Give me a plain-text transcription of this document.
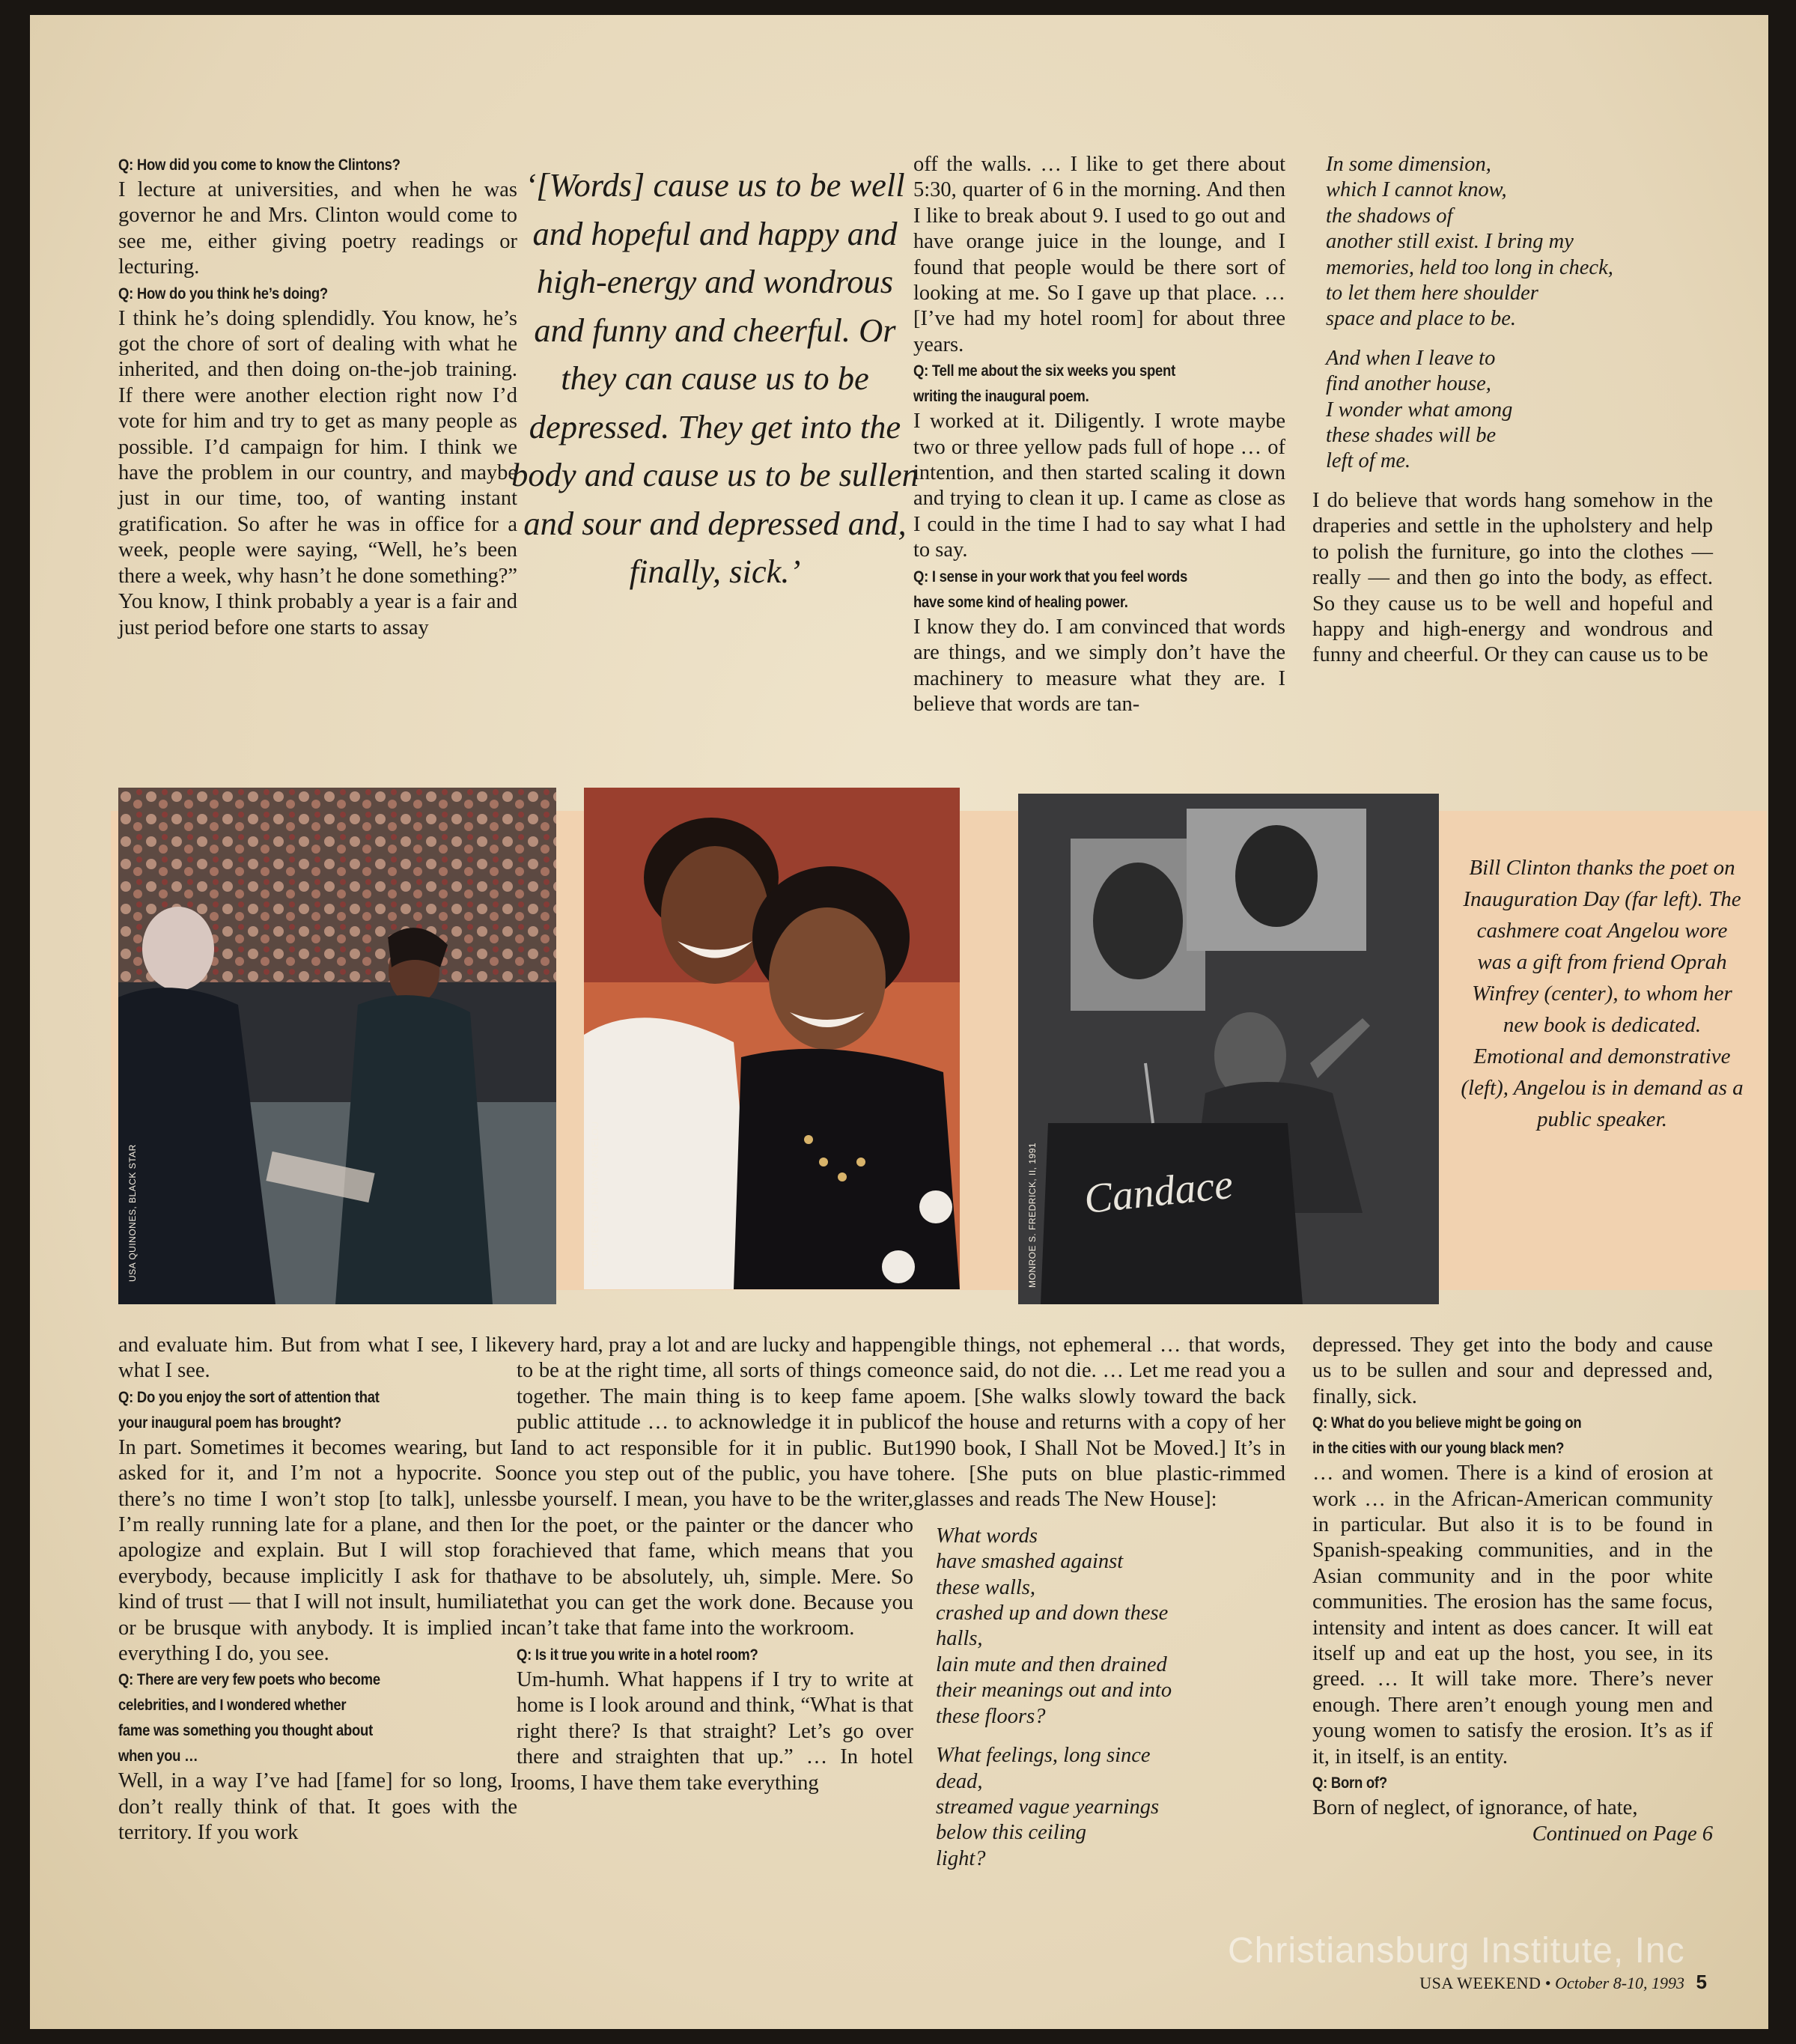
Q: How did you come to know the Clintons?

I lecture at universities, and when he was governor he and Mrs. Clinton would come to see me, either giving poetry readings or lecturing.

Q: How do you think he’s doing?

I think he’s doing splendidly. You know, he’s got the chore of sort of dealing with what he inherited, and then doing on-the-job training. If there were another election right now I’d vote for him and try to get as many people as possible. I’d campaign for him. I think we have the problem in our country, and maybe just in our time, too, of wanting instant gratification. So after he was in office for a week, people were saying, “Well, he’s been there a week, why hasn’t he done something?” You know, I think probably a year is a fair and just period before one starts to assay

‘[Words] cause us to be well and hopeful and happy and high-energy and wondrous and funny and cheerful. Or they can cause us to be depressed. They get into the body and cause us to be sullen and sour and depressed and, finally, sick.’

off the walls. … I like to get there about 5:30, quarter of 6 in the morning. And then I like to break about 9. I used to go out and have orange juice in the lounge, and I found that people would be there sort of looking at me. So I gave up that place. … [I’ve had my hotel room] for about three years.

Q: Tell me about the six weeks you spent
writing the inaugural poem.

I worked at it. Diligently. I wrote maybe two or three yellow pads full of hope … of intention, and then started scaling it down and trying to clean it up. I came as close as I could in the time I had to say what I had to say.

Q: I sense in your work that you feel words
have some kind of healing power.

I know they do. I am convinced that words are things, and we simply don’t have the machinery to measure what they are. I believe that words are tan-

In some dimension,

which I cannot know,

the shadows of

another still exist. I bring my

memories, held too long in check,

to let them here shoulder

space and place to be.

And when I leave to

find another house,

I wonder what among

these shades will be

left of me.

I do believe that words hang somehow in the draperies and settle in the upholstery and help to polish the furniture, go into the clothes — really — and then go into the body, as effect. So they cause us to be well and hopeful and happy and high-energy and wondrous and funny and cheerful. Or they can cause us to be

USA QUINONES, BLACK STAR	COURTESY OF MAYA ANGELOU	Candace
MONROE S. FREDRICK, II, 1991
Bill Clinton thanks the poet on Inauguration Day (far left). The cashmere coat Angelou wore was a gift from friend Oprah Winfrey (center), to whom her new book is dedicated. Emotional and demonstrative (left), Angelou is in demand as a public speaker.

and evaluate him. But from what I see, I like what I see.

Q: Do you enjoy the sort of attention that
your inaugural poem has brought?

In part. Sometimes it becomes wearing, but I asked for it, and I’m not a hypocrite. So there’s no time I won’t stop [to talk], unless I’m really running late for a plane, and then I apologize and explain. But I will stop for everybody, because implicitly I ask for that kind of trust — that I will not insult, humiliate or be brusque with anybody. It is implied in everything I do, you see.

Q: There are very few poets who become
celebrities, and I wondered whether
fame was something you thought about
when you …

Well, in a way I’ve had [fame] for so long, I don’t really think of that. It goes with the territory. If you work

very hard, pray a lot and are lucky and happen to be at the right time, all sorts of things come together. The main thing is to keep fame a public attitude … to acknowledge it in public and to act responsible for it in public. But once you step out of the public, you have to be yourself. I mean, you have to be the writer, or the poet, or the painter or the dancer who achieved that fame, which means that you have to be absolutely, uh, simple. Mere. So that you can get the work done. Because you can’t take that fame into the workroom.

Q: Is it true you write in a hotel room?

Um-humh. What happens if I try to write at home is I look around and think, “What is that right there? Is that straight? Let’s go over there and straighten that up.” … In hotel rooms, I have them take everything

gible things, not ephemeral … that words, once said, do not die. … Let me read you a poem. [She walks slowly toward the back of the house and returns with a copy of her 1990 book, I Shall Not be Moved.] It’s in here. [She puts on blue plastic-rimmed glasses and reads The New House]:

What words

have smashed against

these walls,

crashed up and down these

halls,

lain mute and then drained

their meanings out and into

these floors?

What feelings, long since

dead,

streamed vague yearnings

below this ceiling

light?

depressed. They get into the body and cause us to be sullen and sour and depressed and, finally, sick.

Q: What do you believe might be going on
in the cities with our young black men?

… and women. There is a kind of erosion at work … in the African-American community in particular. But also it is to be found in Spanish-speaking communities, and in the Asian community and in the poor white communities. The erosion has the same focus, intensity and intent as does cancer. It will eat itself up and eat up the host, you see, in its greed. … It will take more. There’s never enough. There aren’t enough young men and young women to satisfy the erosion. It’s as if it, in itself, is an entity.

Q: Born of?

Born of neglect, of ignorance, of hate,

Continued on Page 6
Christiansburg Institute, Inc
USA WEEKEND • October 8-10, 1993 5
